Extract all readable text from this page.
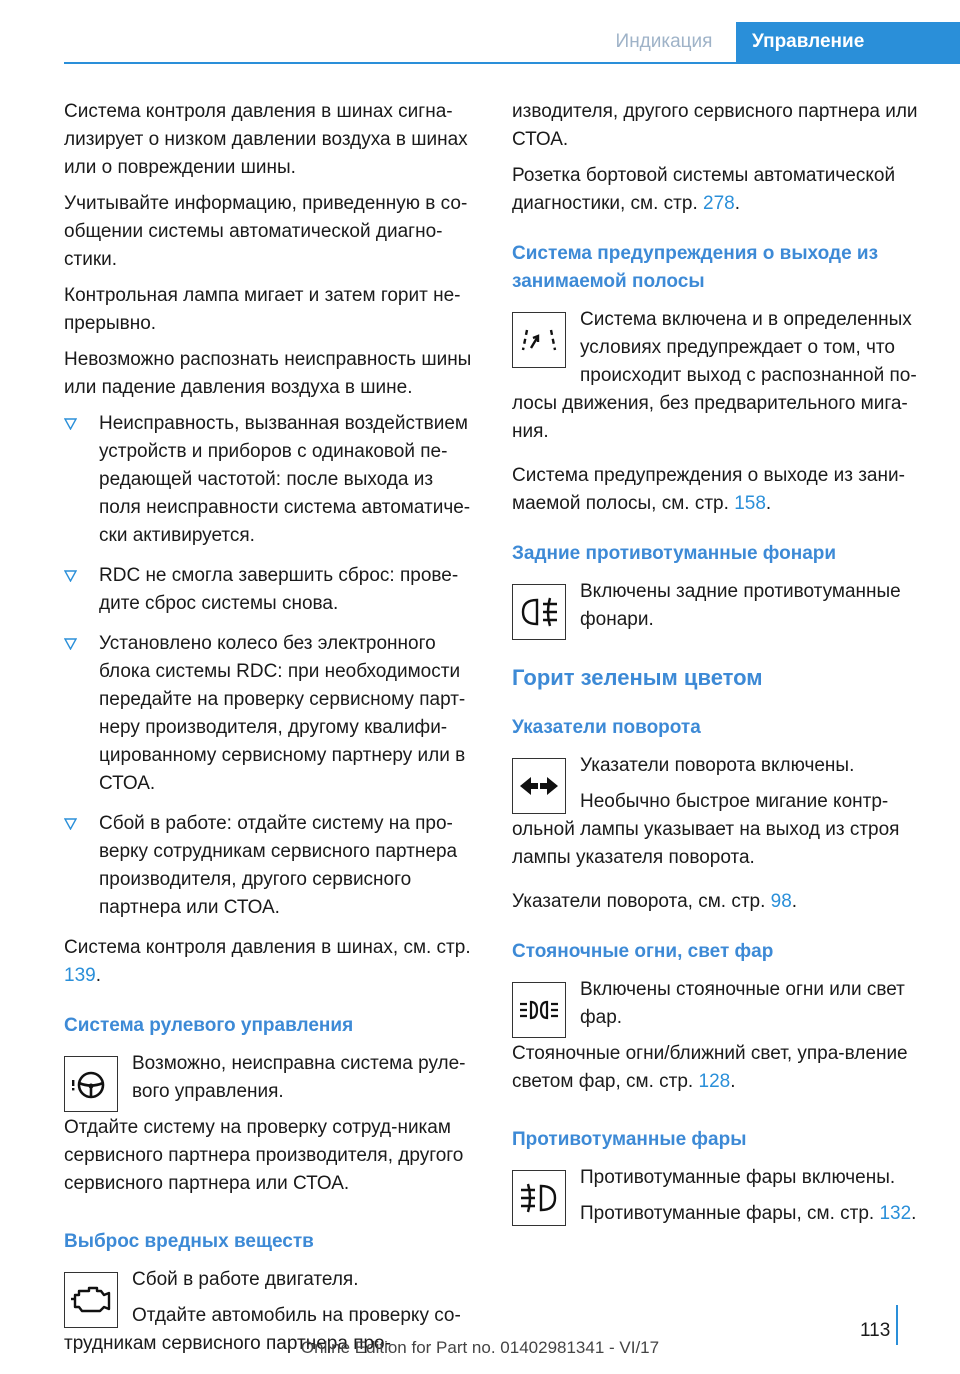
Индикация	Управление

Система контроля давления в шинах сигна-лизирует о низком давлении воздуха в шинах или о повреждении шины.

Учитывайте информацию, приведенную в со-общении системы автоматической диагно-стики.

Контрольная лампа мигает и затем горит не-прерывно.

Невозможно распознать неисправность шины или падение давления воздуха в шине.

Неисправность, вызванная воздействием устройств и приборов с одинаковой пе-редающей частотой: после выхода из поля неисправности система автоматиче-ски активируется.
RDC не смогла завершить сброс: прове-дите сброс системы снова.
Установлено колесо без электронного блока системы RDC: при необходимости передайте на проверку сервисному парт-неру производителя, другому квалифи-цированному сервисному партнеру или в СТОА.
Сбой в работе: отдайте систему на про-верку сотрудникам сервисного партнера производителя, другого сервисного партнера или СТОА.

Система контроля давления в шинах, см. стр. 139.

Система рулевого управления

Возможно, неисправна система руле-вого управления.

Отдайте систему на проверку сотруд-никам сервисного партнера производителя, другого сервисного партнера или СТОА.

Выброс вредных веществ

Сбой в работе двигателя.

Отдайте автомобиль на проверку со-трудникам сервисного партнера про-

изводителя, другого сервисного партнера или СТОА.

Розетка бортовой системы автоматической диагностики, см. стр. 278.

Система предупреждения о выходе из занимаемой полосы

Система включена и в определенных условиях предупреждает о том, что происходит выход с распознанной по-лосы движения, без предварительного мига-ния.

Система предупреждения о выходе из зани-маемой полосы, см. стр. 158.

Задние противотуманные фонари

Включены задние противотуманные фонари.

Горит зеленым цветом
Указатели поворота

Указатели поворота включены.

Необычно быстрое мигание контр-ольной лампы указывает на выход из строя лампы указателя поворота.

Указатели поворота, см. стр. 98.

Стояночные огни, свет фар

Включены стояночные огни или свет фар.

Стояночные огни/ближний свет, упра-вление светом фар, см. стр. 128.

Противотуманные фары

Противотуманные фары включены.

Противотуманные фары, см. стр. 132.

113
Online Edition for Part no. 01402981341 - VI/17
